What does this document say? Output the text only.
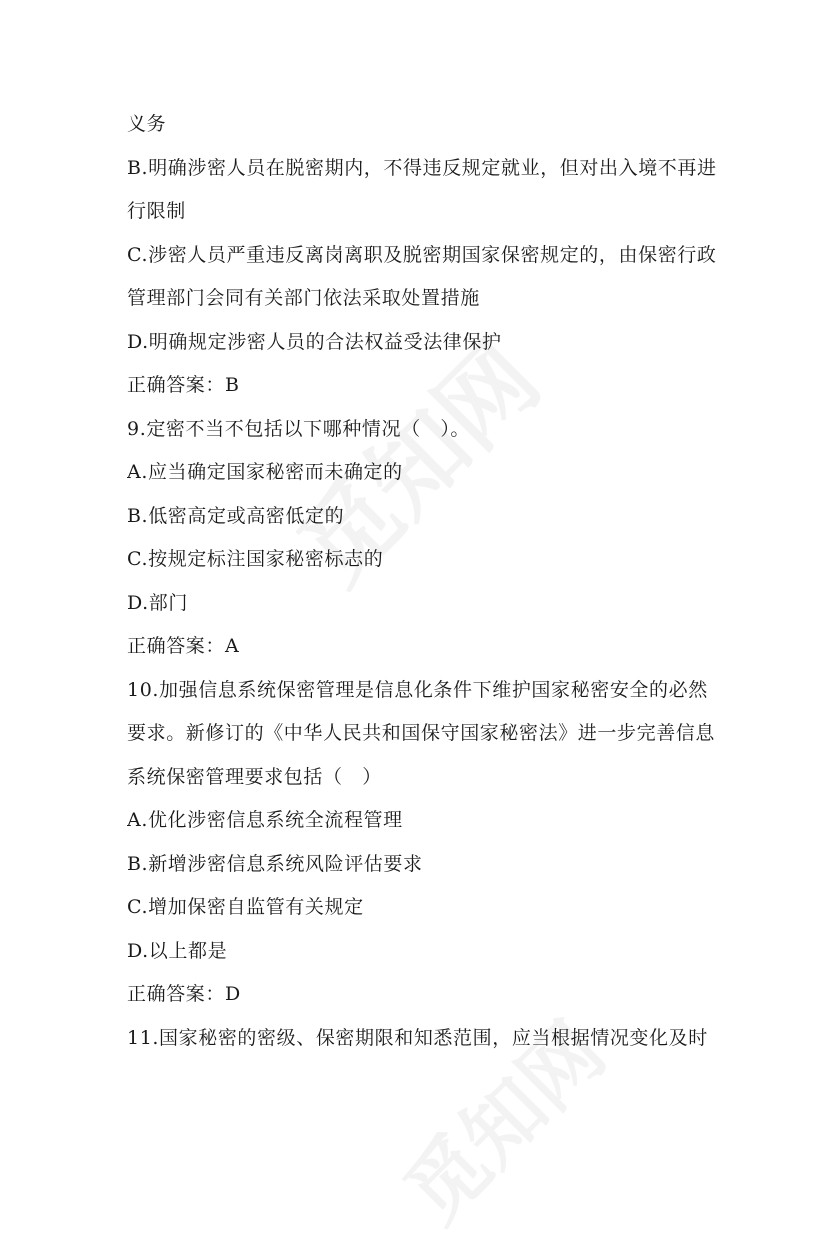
义务
B.明确涉密人员在脱密期内，不得违反规定就业，但对出入境不再进
行限制
C.涉密人员严重违反离岗离职及脱密期国家保密规定的，由保密行政
管理部门会同有关部门依法采取处置措施
D.明确规定涉密人员的合法权益受法律保护
正确答案：B
9.定密不当不包括以下哪种情况（　）。
A.应当确定国家秘密而未确定的
B.低密高定或高密低定的
C.按规定标注国家秘密标志的
D.部门
正确答案：A
10.加强信息系统保密管理是信息化条件下维护国家秘密安全的必然
要求。新修订的《中华人民共和国保守国家秘密法》进一步完善信息
系统保密管理要求包括（　）
A.优化涉密信息系统全流程管理
B.新增涉密信息系统风险评估要求
C.增加保密自监管有关规定
D.以上都是
正确答案：D
11.国家秘密的密级、保密期限和知悉范围，应当根据情况变化及时
